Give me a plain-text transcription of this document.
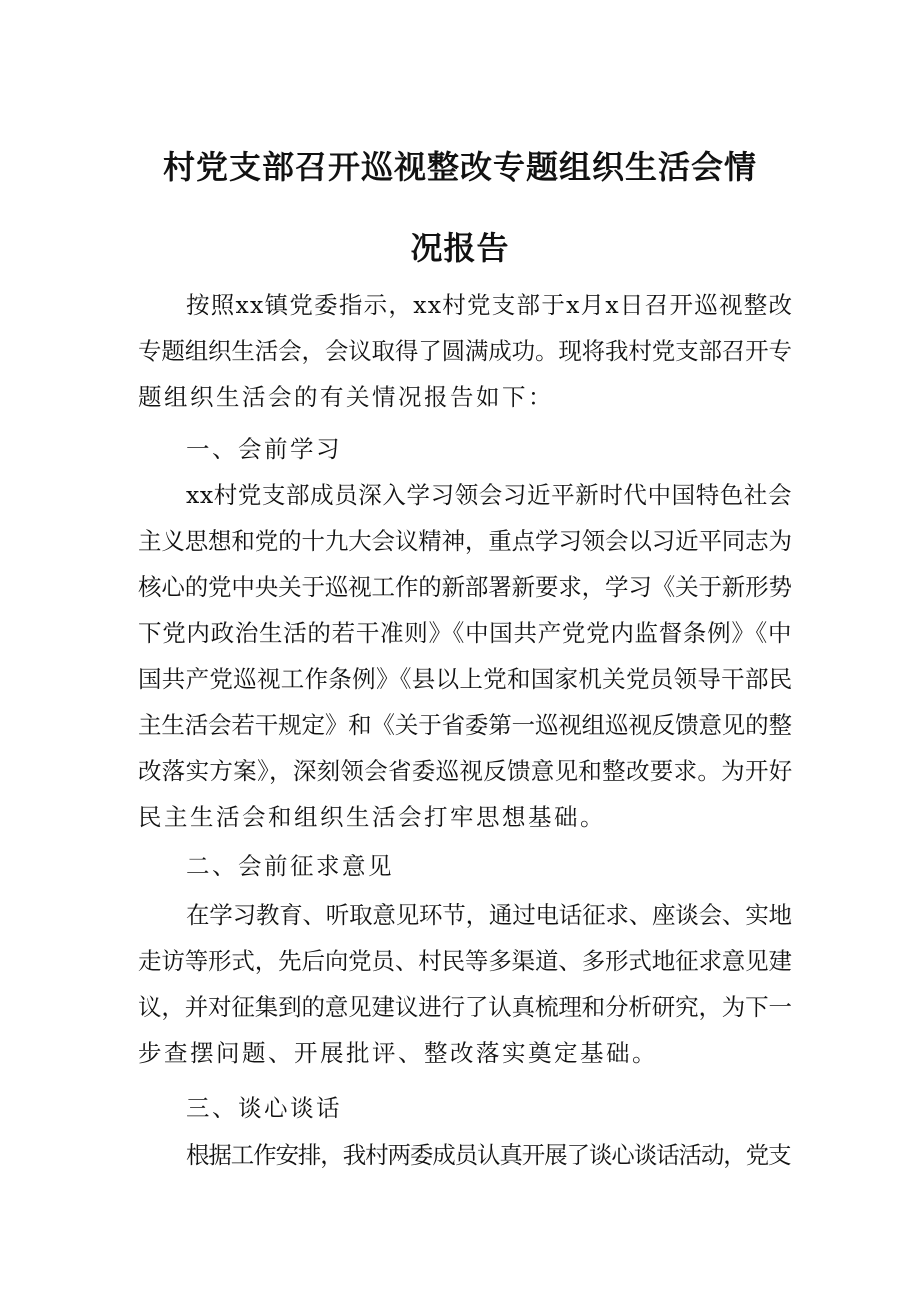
村党支部召开巡视整改专题组织生活会情
况报告
按照xx镇党委指示，xx村党支部于x月x日召开巡视整改
专题组织生活会，会议取得了圆满成功。现将我村党支部召开专
题组织生活会的有关情况报告如下：
一、会前学习
xx村党支部成员深入学习领会习近平新时代中国特色社会
主义思想和党的十九大会议精神，重点学习领会以习近平同志为
核心的党中央关于巡视工作的新部署新要求，学习《关于新形势
下党内政治生活的若干准则》《中国共产党党内监督条例》《中
国共产党巡视工作条例》《县以上党和国家机关党员领导干部民
主生活会若干规定》和《关于省委第一巡视组巡视反馈意见的整
改落实方案》，深刻领会省委巡视反馈意见和整改要求。为开好
民主生活会和组织生活会打牢思想基础。
二、会前征求意见
在学习教育、听取意见环节，通过电话征求、座谈会、实地
走访等形式，先后向党员、村民等多渠道、多形式地征求意见建
议，并对征集到的意见建议进行了认真梳理和分析研究，为下一
步查摆问题、开展批评、整改落实奠定基础。
三、谈心谈话
根据工作安排，我村两委成员认真开展了谈心谈话活动，党支
